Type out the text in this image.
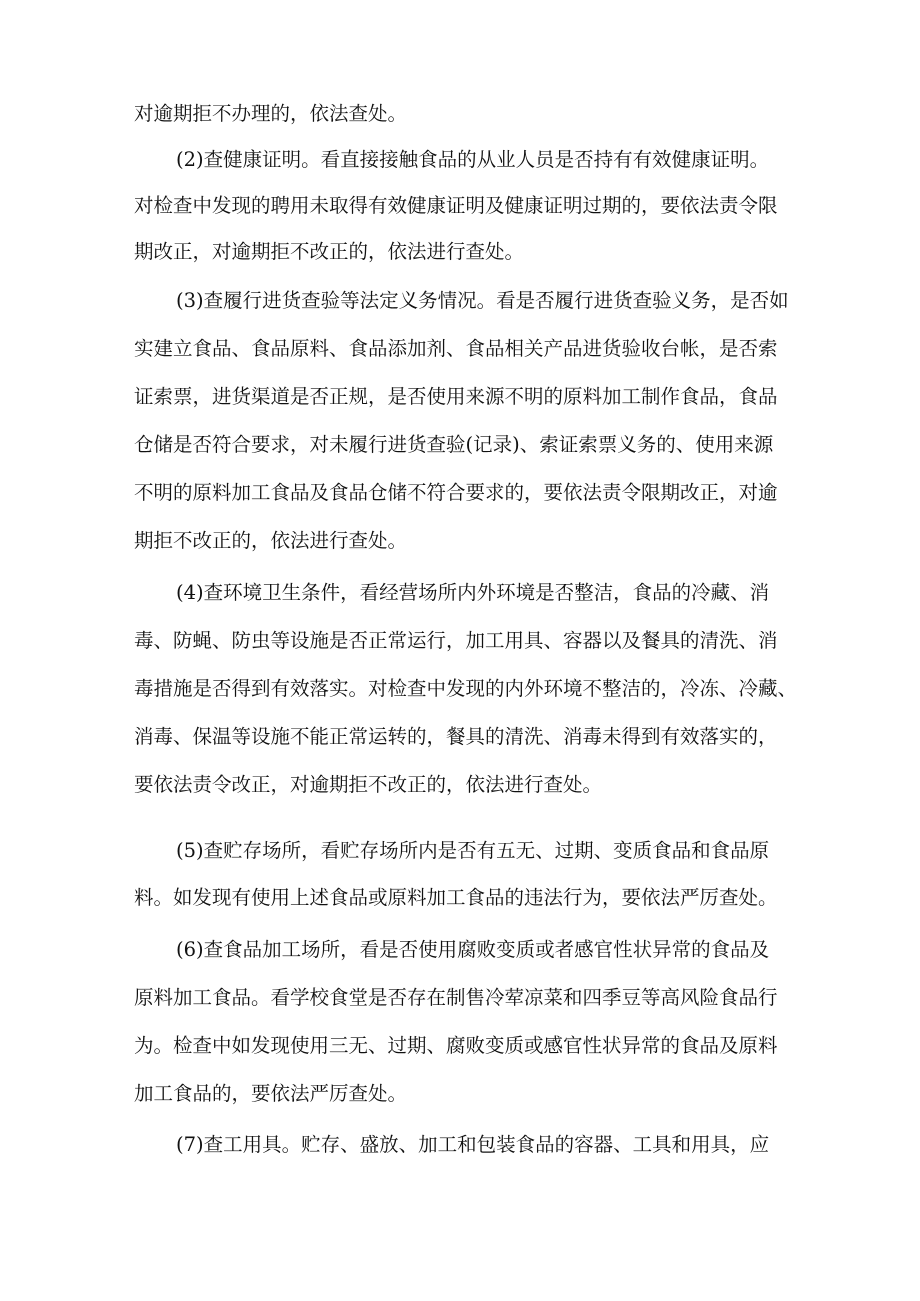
对逾期拒不办理的，依法查处。
(2)查健康证明。看直接接触食品的从业人员是否持有有效健康证明。
对检查中发现的聘用未取得有效健康证明及健康证明过期的，要依法责令限
期改正，对逾期拒不改正的，依法进行查处。
(3)查履行进货查验等法定义务情况。看是否履行进货查验义务，是否如
实建立食品、食品原料、食品添加剂、食品相关产品进货验收台帐，是否索
证索票，进货渠道是否正规，是否使用来源不明的原料加工制作食品，食品
仓储是否符合要求，对未履行进货查验(记录)、索证索票义务的、使用来源
不明的原料加工食品及食品仓储不符合要求的，要依法责令限期改正，对逾
期拒不改正的，依法进行查处。
(4)查环境卫生条件，看经营场所内外环境是否整洁，食品的冷藏、消
毒、防蝇、防虫等设施是否正常运行，加工用具、容器以及餐具的清洗、消
毒措施是否得到有效落实。对检查中发现的内外环境不整洁的，冷冻、冷藏、
消毒、保温等设施不能正常运转的，餐具的清洗、消毒未得到有效落实的，
要依法责令改正，对逾期拒不改正的，依法进行查处。
(5)查贮存场所，看贮存场所内是否有五无、过期、变质食品和食品原
料。如发现有使用上述食品或原料加工食品的违法行为，要依法严厉查处。
(6)查食品加工场所，看是否使用腐败变质或者感官性状异常的食品及
原料加工食品。看学校食堂是否存在制售冷荤凉菜和四季豆等高风险食品行
为。检查中如发现使用三无、过期、腐败变质或感官性状异常的食品及原料
加工食品的，要依法严厉查处。
(7)查工用具。贮存、盛放、加工和包装食品的容器、工具和用具，应
